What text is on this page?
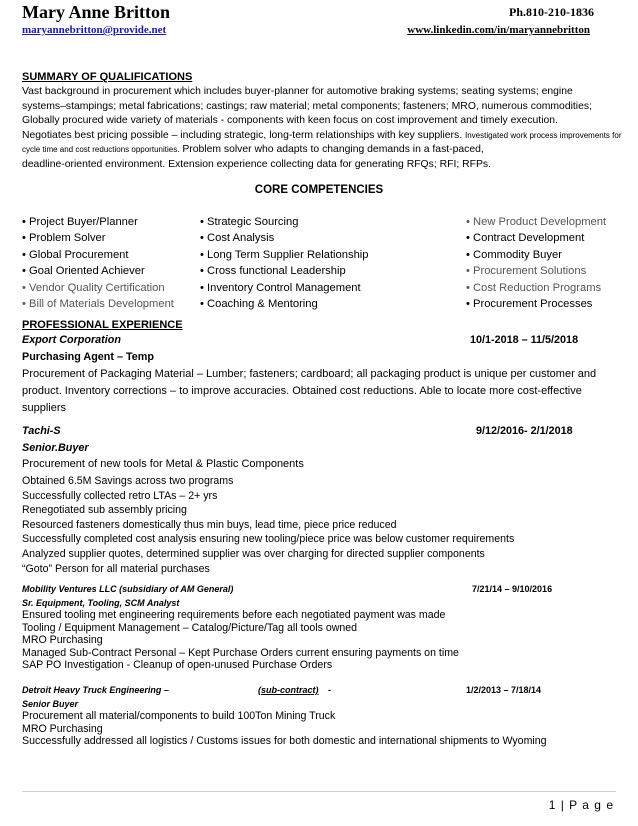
Mary Anne Britton	Ph.810-210-1836
maryannebritton@provide.net	www.linkedin.com/in/maryannebritton
SUMMARY OF QUALIFICATIONS
Vast background in procurement which includes buyer-planner for automotive braking systems; seating systems; engine
systems–stampings; metal fabrications; castings; raw material; metal components; fasteners; MRO, numerous commodities;
Globally procured wide variety of materials - components with keen focus on cost improvement and timely execution.
Negotiates best pricing possible – including strategic, long-term relationships with key suppliers. Investigated work process improvements for cycle time and cost reductions opportunities. Problem solver who adapts to changing demands in a fast-paced,
deadline-oriented environment. Extension experience collecting data for generating RFQs; RFI; RFPs.
CORE COMPETENCIES
• Project Buyer/Planner
• Problem Solver
• Global Procurement
• Goal Oriented Achiever
• Vendor Quality Certification
• Bill of Materials Development
• Strategic Sourcing
• Cost Analysis
• Long Term Supplier Relationship
• Cross functional Leadership
• Inventory Control Management
• Coaching & Mentoring
• New Product Development
• Contract Development
• Commodity Buyer
• Procurement Solutions
• Cost Reduction Programs
• Procurement Processes
PROFESSIONAL EXPERIENCE
Export Corporation	10/1-2018 – 11/5/2018
Purchasing Agent – Temp
Procurement of Packaging Material – Lumber; fasteners; cardboard; all packaging product is unique per customer and
product. Inventory corrections – to improve accuracies. Obtained cost reductions. Able to locate more cost-effective
suppliers
Tachi-S	9/12/2016- 2/1/2018
Senior.Buyer
Procurement of new tools for Metal & Plastic Components
Obtained 6.5M Savings across two programs
Successfully collected retro LTAs – 2+ yrs
Renegotiated sub assembly pricing
Resourced fasteners domestically thus min buys, lead time, piece price reduced
Successfully completed cost analysis ensuring new tooling/piece price was below customer requirements
Analyzed supplier quotes, determined supplier was over charging for directed supplier components
“Goto” Person for all material purchases
Mobility Ventures LLC (subsidiary of AM General)	7/21/14 – 9/10/2016
Sr. Equipment, Tooling, SCM Analyst
Ensured tooling met engineering requirements before each negotiated payment was made
Tooling / Equipment Management – Catalog/Picture/Tag all tools owned
MRO Purchasing
Managed Sub-Contract Personal – Kept Purchase Orders current ensuring payments on time
SAP PO Investigation - Cleanup of open-unused Purchase Orders
Detroit Heavy Truck Engineering –	(sub-contract) -	1/2/2013 – 7/18/14
Senior Buyer
Procurement all material/components to build 100Ton Mining Truck
MRO Purchasing
Successfully addressed all logistics / Customs issues for both domestic and international shipments to Wyoming
1 | P a g e
